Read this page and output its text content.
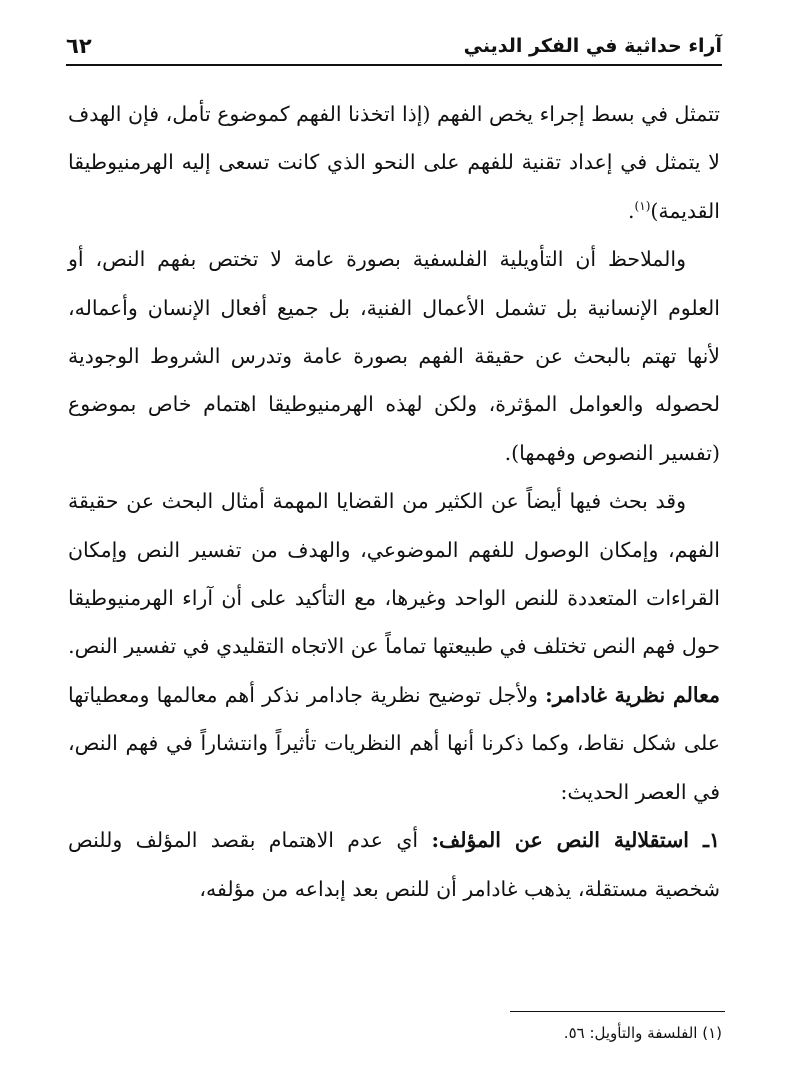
آراء حداثية في الفكر الديني
٦٢

تتمثل في بسط إجراء يخص الفهم (إذا اتخذنا الفهم كموضوع تأمل، فإن الهدف لا يتمثل في إعداد تقنية للفهم على النحو الذي كانت تسعى إليه الهرمنيوطيقا القديمة)$^{(١)}$.

والملاحظ أن التأويلية الفلسفية بصورة عامة لا تختص بفهم النص، أو العلوم الإنسانية بل تشمل الأعمال الفنية، بل جميع أفعال الإنسان وأعماله، لأنها تهتم بالبحث عن حقيقة الفهم بصورة عامة وتدرس الشروط الوجودية لحصوله والعوامل المؤثرة، ولكن لهذه الهرمنيوطيقا اهتمام خاص بموضوع (تفسير النصوص وفهمها).

وقد بحث فيها أيضاً عن الكثير من القضايا المهمة أمثال البحث عن حقيقة الفهم، وإمكان الوصول للفهم الموضوعي، والهدف من تفسير النص وإمكان القراءات المتعددة للنص الواحد وغيرها، مع التأكيد على أن آراء الهرمنيوطيقا حول فهم النص تختلف في طبيعتها تماماً عن الاتجاه التقليدي في تفسير النص.

معالم نظرية غادامر: ولأجل توضيح نظرية جادامر نذكر أهم معالمها ومعطياتها على شكل نقاط، وكما ذكرنا أنها أهم النظريات تأثيراً وانتشاراً في فهم النص، في العصر الحديث:

١ـ استقلالية النص عن المؤلف: أي عدم الاهتمام بقصد المؤلف وللنص شخصية مستقلة، يذهب غادامر أن للنص بعد إبداعه من مؤلفه،

(١) الفلسفة والتأويل: ٥٦.
